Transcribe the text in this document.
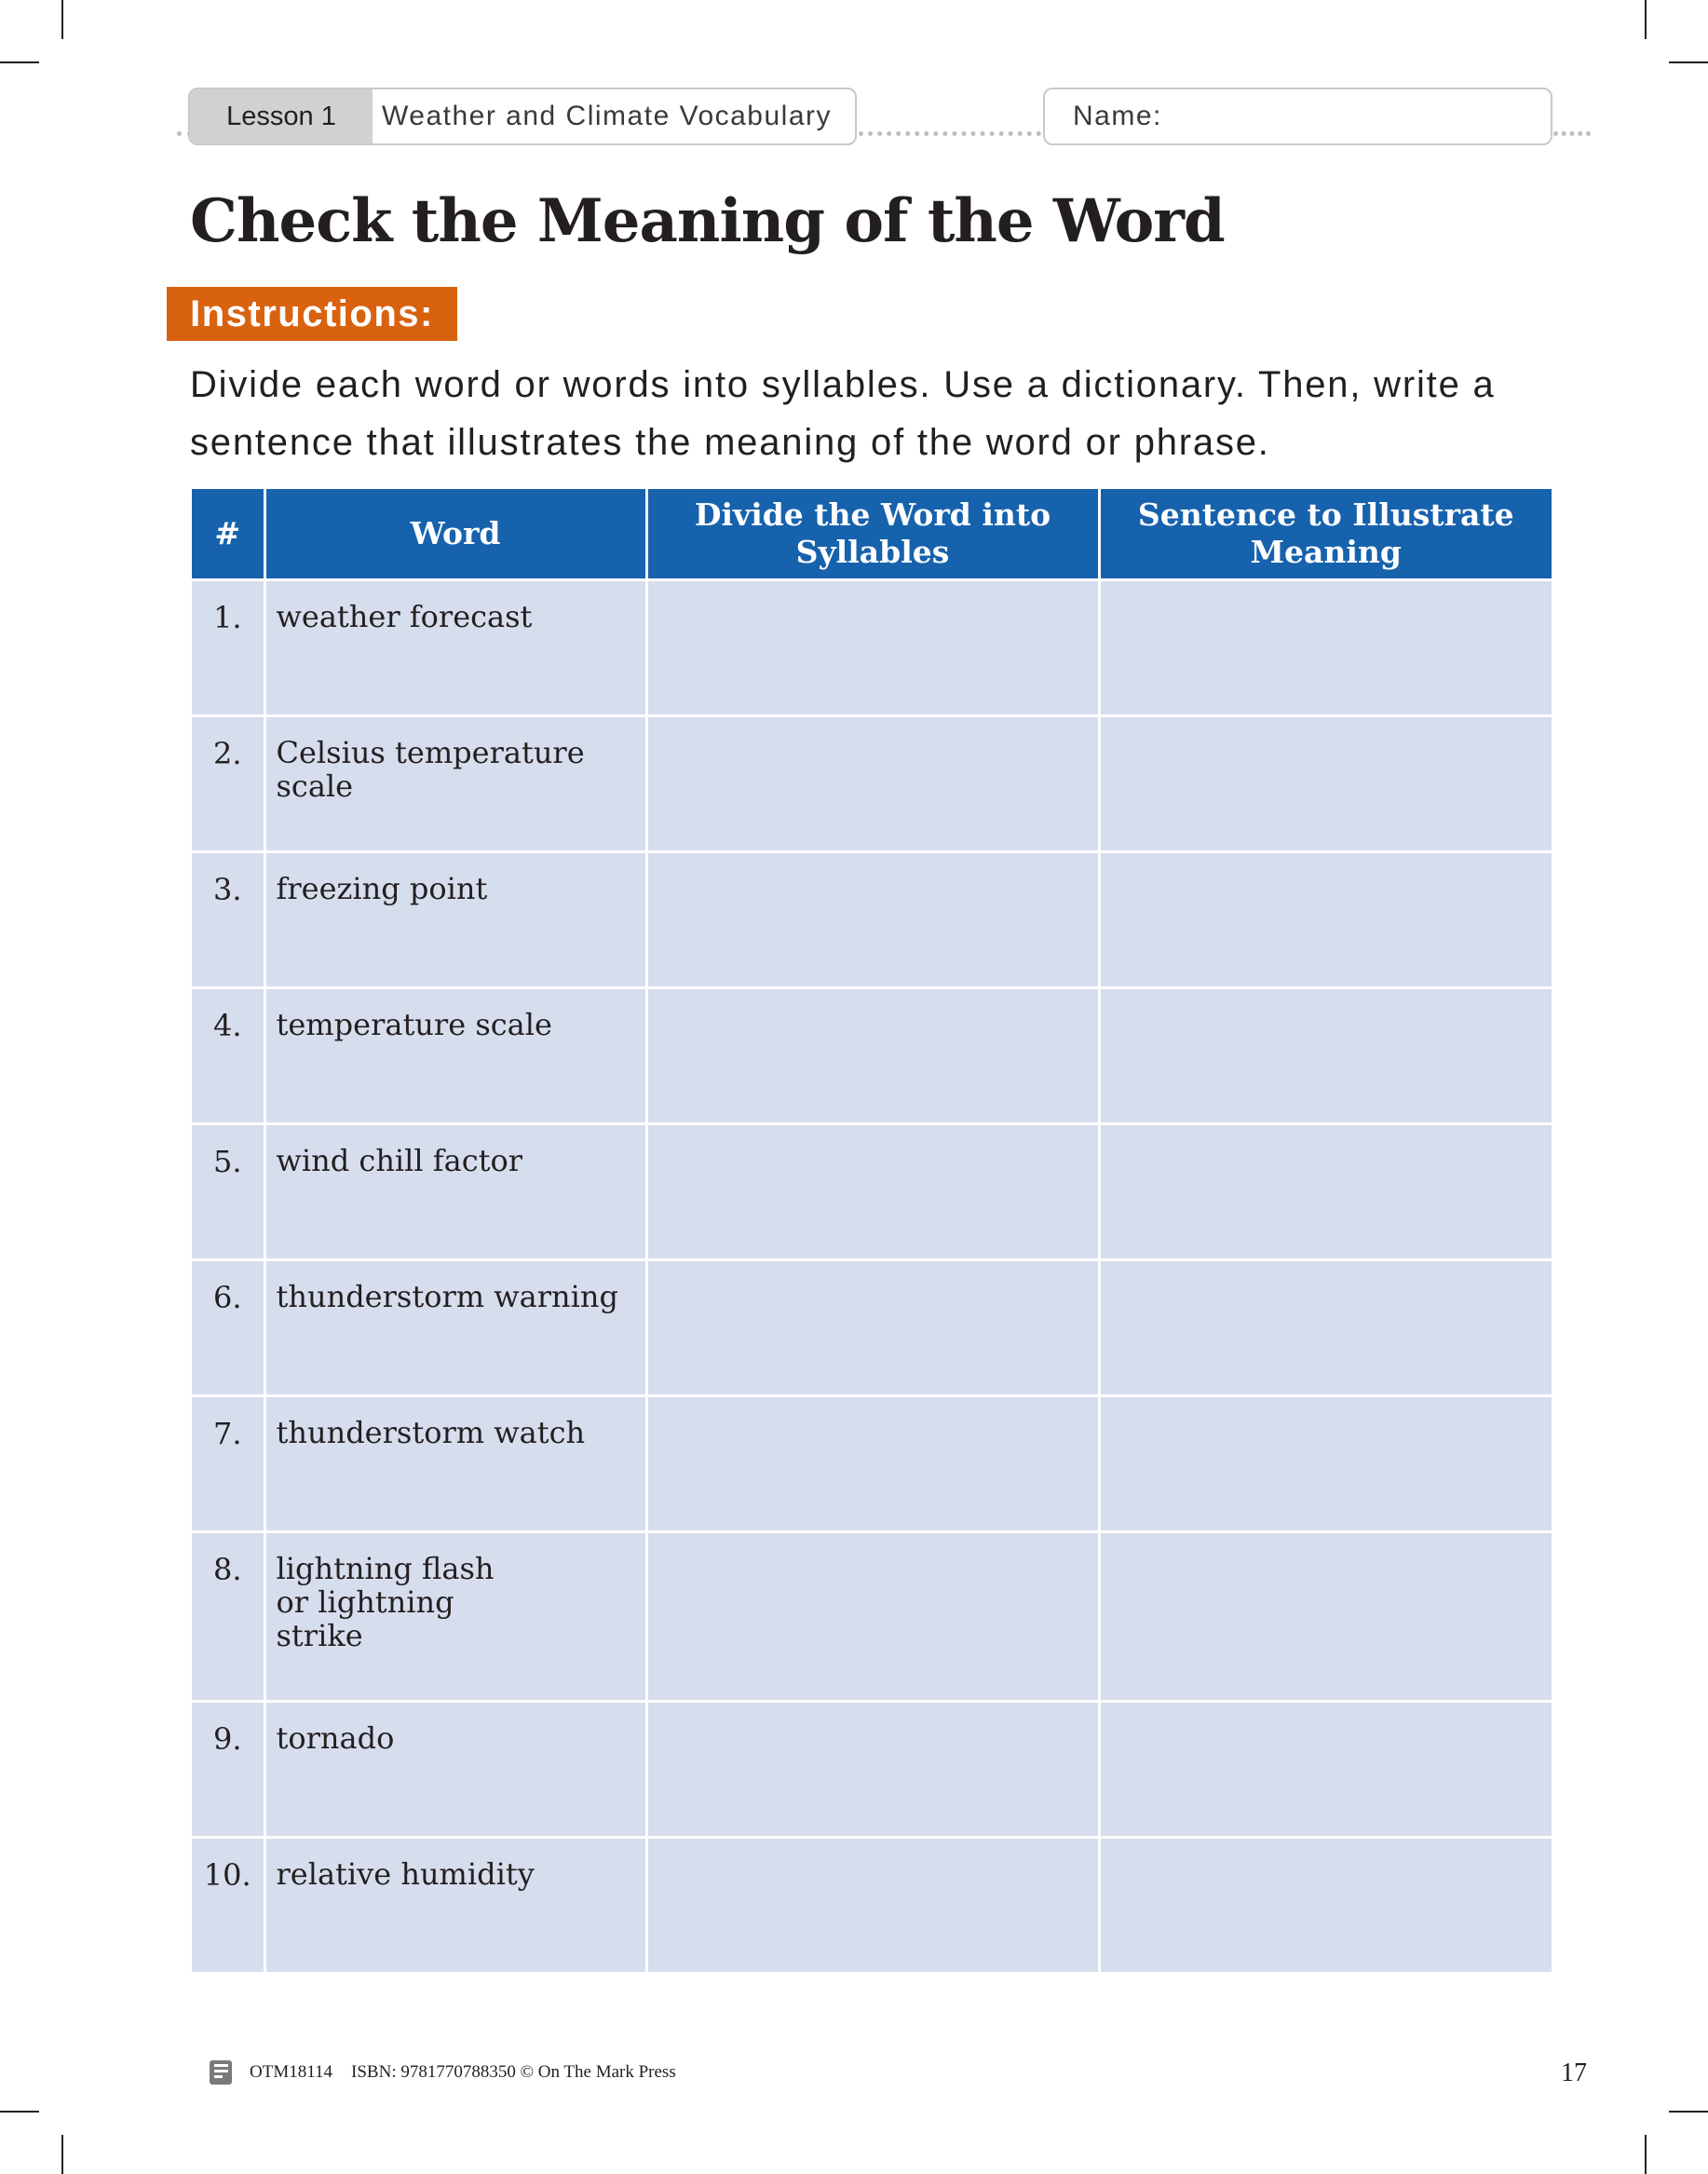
Lesson 1	Weather and Climate Vocabulary	Name:
Check the Meaning of the Word
Instructions:
Divide each word or words into syllables. Use a dictionary. Then, write a sentence that illustrates the meaning of the word or phrase.
#	Word	Divide the Word into Syllables	Sentence to Illustrate Meaning
1.	weather forecast		
2.	Celsius temperature scale		
3.	freezing point		
4.	temperature scale		
5.	wind chill factor		
6.	thunderstorm warning		
7.	thunderstorm watch		
8.	lightning flash or lightning strike		
9.	tornado		
10.	relative humidity		
OTM18114 ISBN: 9781770788350 © On The Mark Press	17
